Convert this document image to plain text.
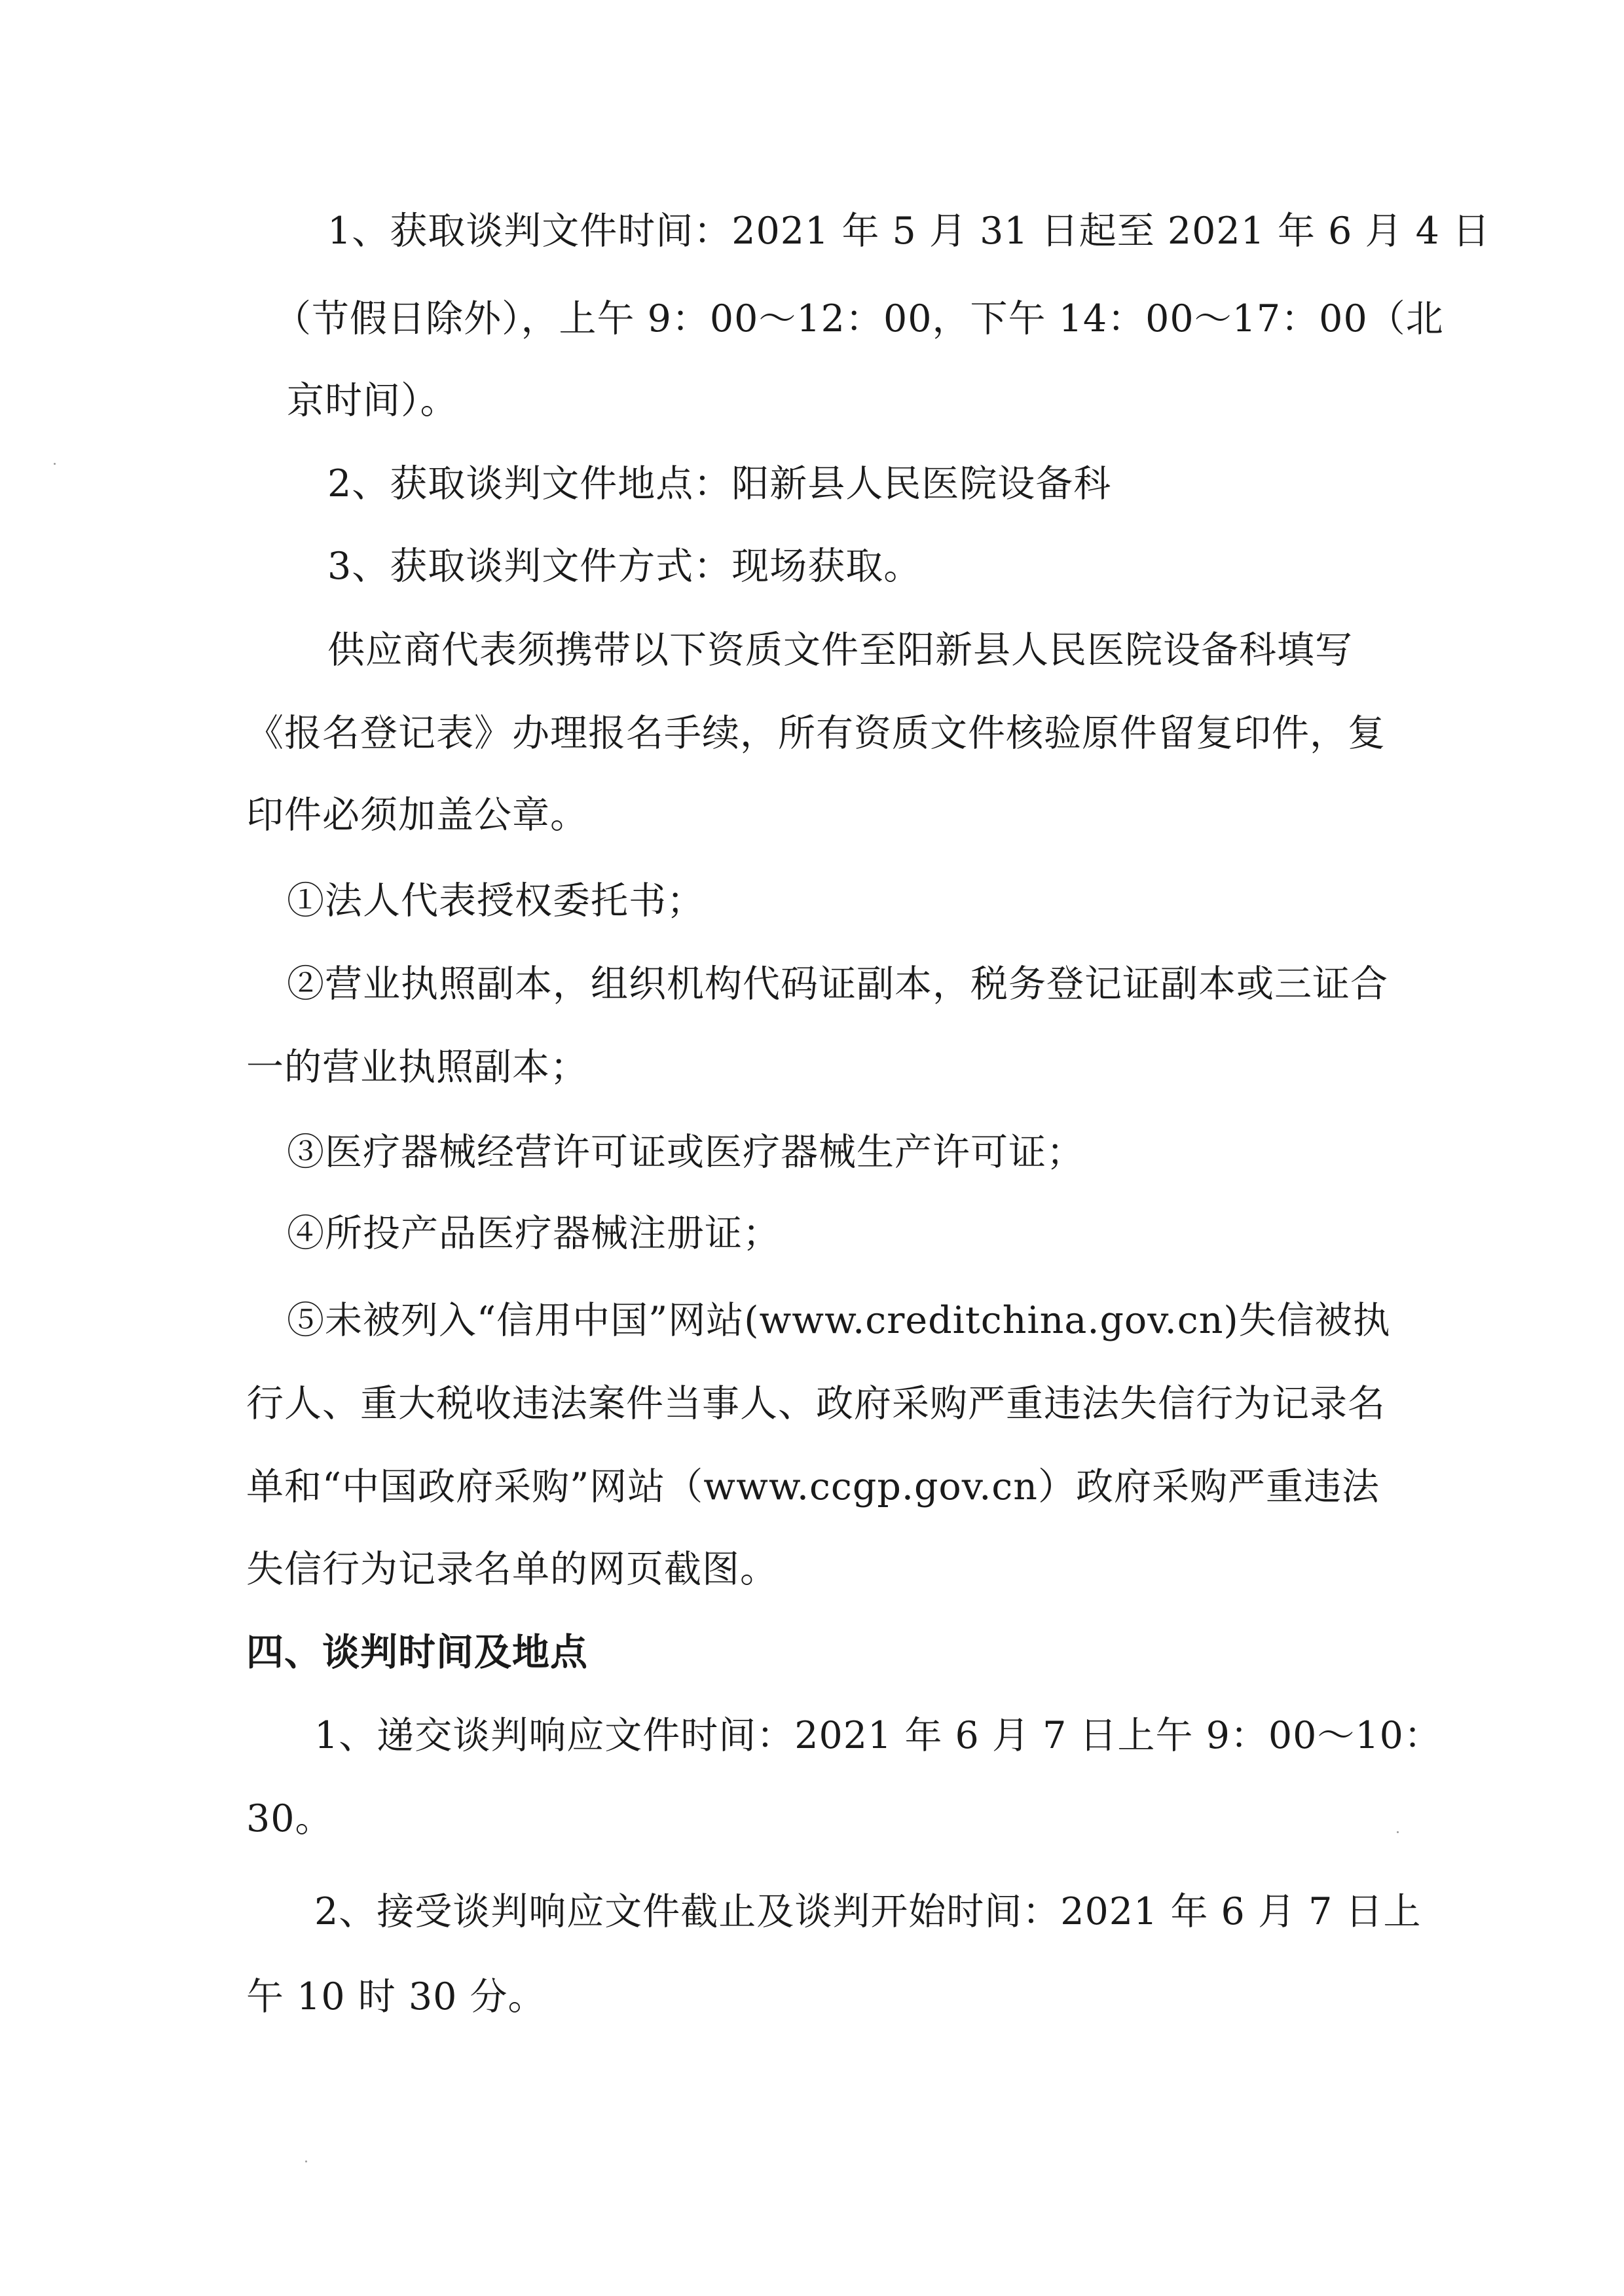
1、获取谈判文件时间：2021 年 5 月 31 日起至 2021 年 6 月 4 日
（节假日除外），上午 9：00～12：00，下午 14：00～17：00（北
京时间）。
2、获取谈判文件地点：阳新县人民医院设备科
3、获取谈判文件方式：现场获取。
供应商代表须携带以下资质文件至阳新县人民医院设备科填写
《报名登记表》办理报名手续，所有资质文件核验原件留复印件，复
印件必须加盖公章。
①法人代表授权委托书；
②营业执照副本，组织机构代码证副本，税务登记证副本或三证合
一的营业执照副本；
③医疗器械经营许可证或医疗器械生产许可证；
④所投产品医疗器械注册证；
⑤未被列入“信用中国”网站(www.creditchina.gov.cn)失信被执
行人、重大税收违法案件当事人、政府采购严重违法失信行为记录名
单和“中国政府采购”网站（www.ccgp.gov.cn）政府采购严重违法
失信行为记录名单的网页截图。
四、谈判时间及地点
1、递交谈判响应文件时间：2021 年 6 月 7 日上午 9：00～10：
30。
2、接受谈判响应文件截止及谈判开始时间：2021 年 6 月 7 日上
午 10 时 30 分。
